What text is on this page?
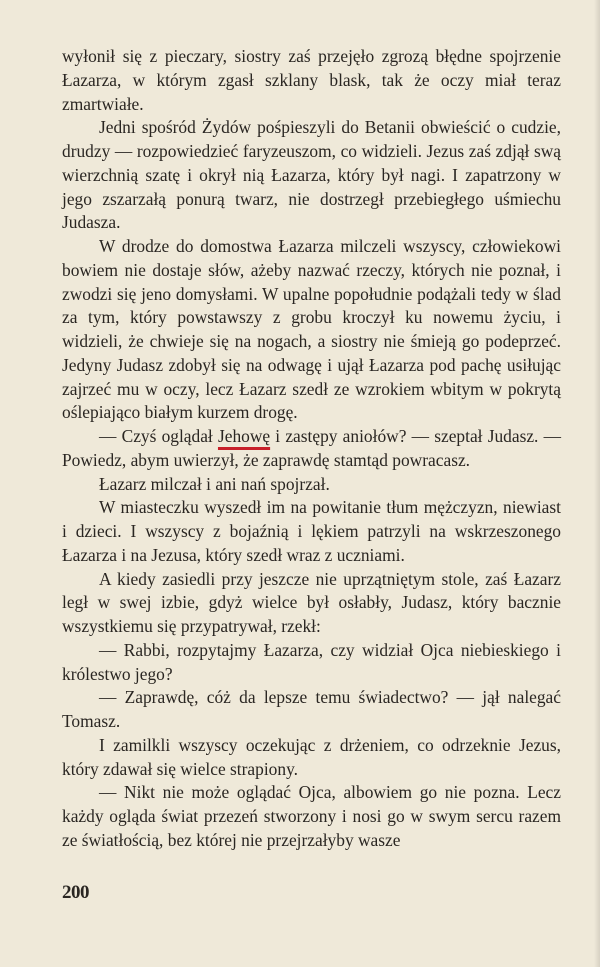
wyłonił się z pieczary, siostry zaś przejęło zgrozą błędne spojrzenie Łazarza, w którym zgasł szklany blask, tak że oczy miał teraz zmartwiałe.

Jedni spośród Żydów pośpieszyli do Betanii obwieścić o cudzie, drudzy — rozpowiedzieć faryzeuszom, co widzieli. Jezus zaś zdjął swą wierzchnią szatę i okrył nią Łazarza, który był nagi. I zapatrzony w jego zszarzałą ponurą twarz, nie dostrzegł przebiegłego uśmiechu Judasza.

W drodze do domostwa Łazarza milczeli wszyscy, człowiekowi bowiem nie dostaje słów, ażeby nazwać rzeczy, których nie poznał, i zwodzi się jeno domysłami. W upalne popołudnie podążali tedy w ślad za tym, który powstawszy z grobu kroczył ku nowemu życiu, i widzieli, że chwieje się na nogach, a siostry nie śmieją go podeprzeć. Jedyny Judasz zdobył się na odwagę i ujął Łazarza pod pachę usiłując zajrzeć mu w oczy, lecz Łazarz szedł ze wzrokiem wbitym w pokrytą oślepiająco białym kurzem drogę.

— Czyś oglądał Jehowę i zastępy aniołów? — szeptał Judasz. — Powiedz, abym uwierzył, że zaprawdę stamtąd powracasz.

Łazarz milczał i ani nań spojrzał.

W miasteczku wyszedł im na powitanie tłum mężczyzn, niewiast i dzieci. I wszyscy z bojaźnią i lękiem patrzyli na wskrzeszonego Łazarza i na Jezusa, który szedł wraz z uczniami.

A kiedy zasiedli przy jeszcze nie uprzątniętym stole, zaś Łazarz legł w swej izbie, gdyż wielce był osłabły, Judasz, który bacznie wszystkiemu się przypatrywał, rzekł:

— Rabbi, rozpytajmy Łazarza, czy widział Ojca niebieskiego i królestwo jego?

— Zaprawdę, cóż da lepsze temu świadectwo? — jął nalegać Tomasz.

I zamilkli wszyscy oczekując z drżeniem, co odrzeknie Jezus, który zdawał się wielce strapiony.

— Nikt nie może oglądać Ojca, albowiem go nie pozna. Lecz każdy ogląda świat przezeń stworzony i nosi go w swym sercu razem ze światłością, bez której nie przejrzałyby wasze

200
